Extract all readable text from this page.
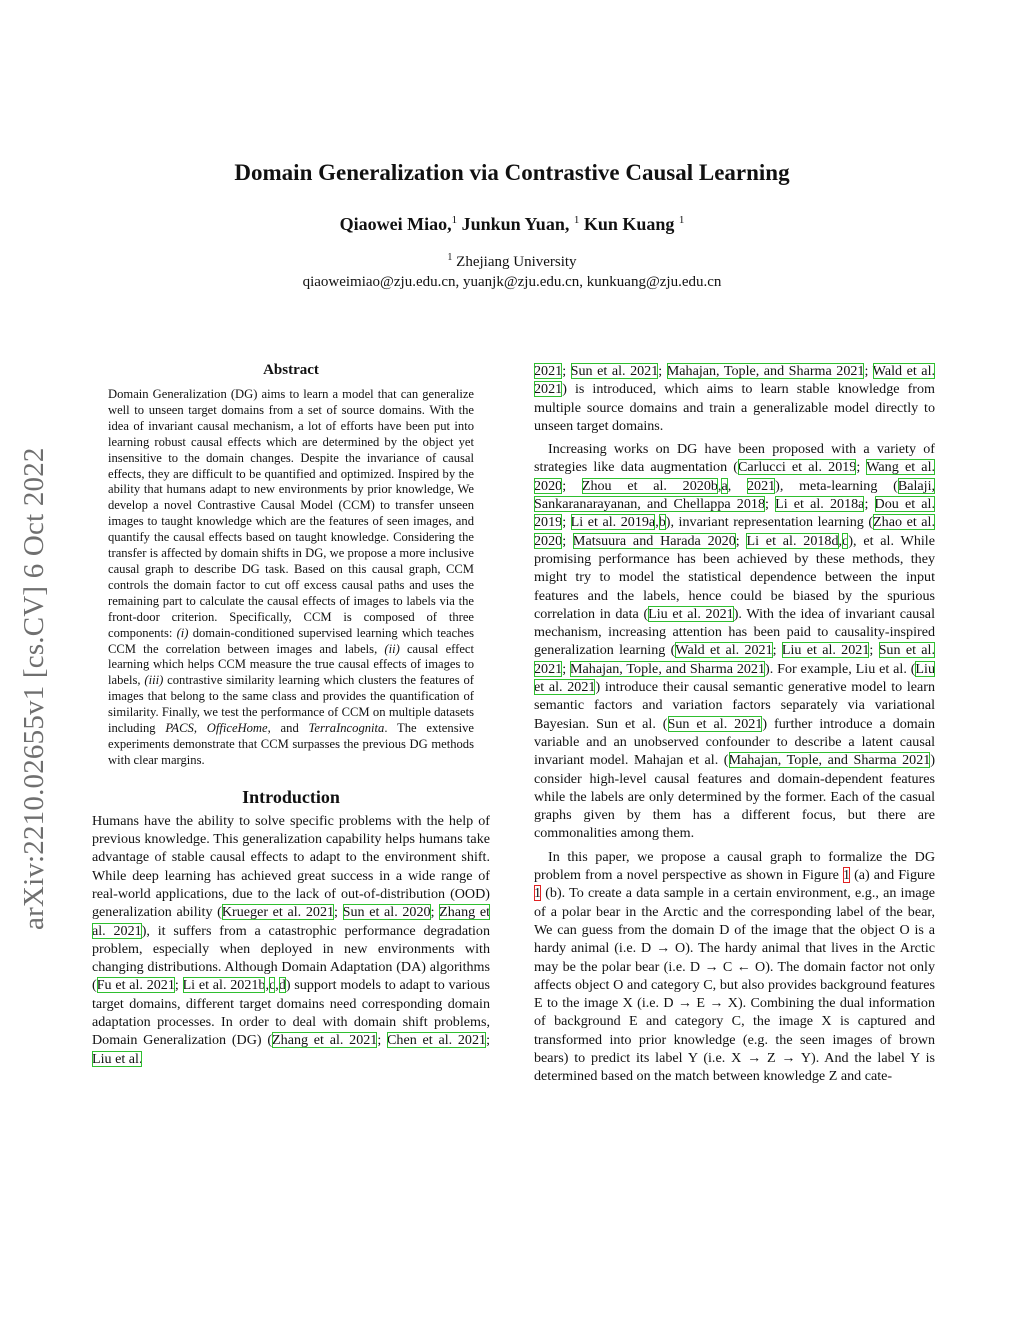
arXiv:2210.02655v1 [cs.CV] 6 Oct 2022
Domain Generalization via Contrastive Causal Learning
Qiaowei Miao,$^1$ Junkun Yuan, $^1$ Kun Kuang $^1$
$^1$ Zhejiang University
qiaoweimiao@zju.edu.cn, yuanjk@zju.edu.cn, kunkuang@zju.edu.cn
Abstract
Domain Generalization (DG) aims to learn a model that can generalize well to unseen target domains from a set of source domains. With the idea of invariant causal mechanism, a lot of efforts have been put into learning robust causal effects which are determined by the object yet insensitive to the domain changes. Despite the invariance of causal effects, they are difficult to be quantified and optimized. Inspired by the ability that humans adapt to new environments by prior knowledge, We develop a novel Contrastive Causal Model (CCM) to transfer unseen images to taught knowledge which are the features of seen images, and quantify the causal effects based on taught knowledge. Considering the transfer is affected by domain shifts in DG, we propose a more inclusive causal graph to describe DG task. Based on this causal graph, CCM controls the domain factor to cut off excess causal paths and uses the remaining part to calculate the causal effects of images to labels via the front-door criterion. Specifically, CCM is composed of three components: (i) domain-conditioned supervised learning which teaches CCM the correlation between images and labels, (ii) causal effect learning which helps CCM measure the true causal effects of images to labels, (iii) contrastive similarity learning which clusters the features of images that belong to the same class and provides the quantification of similarity. Finally, we test the performance of CCM on multiple datasets including PACS, OfficeHome, and TerraIncognita. The extensive experiments demonstrate that CCM surpasses the previous DG methods with clear margins.
Introduction

Humans have the ability to solve specific problems with the help of previous knowledge. This generalization capability helps humans take advantage of stable causal effects to adapt to the environment shift. While deep learning has achieved great success in a wide range of real-world applications, due to the lack of out-of-distribution (OOD) generalization ability (Krueger et al. 2021; Sun et al. 2020; Zhang et al. 2021), it suffers from a catastrophic performance degradation problem, especially when deployed in new environments with changing distributions. Although Domain Adaptation (DA) algorithms (Fu et al. 2021; Li et al. 2021b,c,d) support models to adapt to various target domains, different target domains need corresponding domain adaptation processes. In order to deal with domain shift problems, Domain Generalization (DG) (Zhang et al. 2021; Chen et al. 2021; Liu et al.

2021; Sun et al. 2021; Mahajan, Tople, and Sharma 2021; Wald et al. 2021) is introduced, which aims to learn stable knowledge from multiple source domains and train a generalizable model directly to unseen target domains.

Increasing works on DG have been proposed with a variety of strategies like data augmentation (Carlucci et al. 2019; Wang et al. 2020; Zhou et al. 2020b,a, 2021), meta-learning (Balaji, Sankaranarayanan, and Chellappa 2018; Li et al. 2018a; Dou et al. 2019; Li et al. 2019a,b), invariant representation learning (Zhao et al. 2020; Matsuura and Harada 2020; Li et al. 2018d,c), et al. While promising performance has been achieved by these methods, they might try to model the statistical dependence between the input features and the labels, hence could be biased by the spurious correlation in data (Liu et al. 2021). With the idea of invariant causal mechanism, increasing attention has been paid to causality-inspired generalization learning (Wald et al. 2021; Liu et al. 2021; Sun et al. 2021; Mahajan, Tople, and Sharma 2021). For example, Liu et al. (Liu et al. 2021) introduce their causal semantic generative model to learn semantic factors and variation factors separately via variational Bayesian. Sun et al. (Sun et al. 2021) further introduce a domain variable and an unobserved confounder to describe a latent causal invariant model. Mahajan et al. (Mahajan, Tople, and Sharma 2021) consider high-level causal features and domain-dependent features while the labels are only determined by the former. Each of the casual graphs given by them has a different focus, but there are commonalities among them.

In this paper, we propose a causal graph to formalize the DG problem from a novel perspective as shown in Figure 1 (a) and Figure 1 (b). To create a data sample in a certain environment, e.g., an image of a polar bear in the Arctic and the corresponding label of the bear, We can guess from the domain D of the image that the object O is a hardy animal (i.e. D → O). The hardy animal that lives in the Arctic may be the polar bear (i.e. D → C ← O). The domain factor not only affects object O and category C, but also provides background features E to the image X (i.e. D → E → X). Combining the dual information of background E and category C, the image X is captured and transformed into prior knowledge (e.g. the seen images of brown bears) to predict its label Y (i.e. X → Z → Y). And the label Y is determined based on the match between knowledge Z and cate-
